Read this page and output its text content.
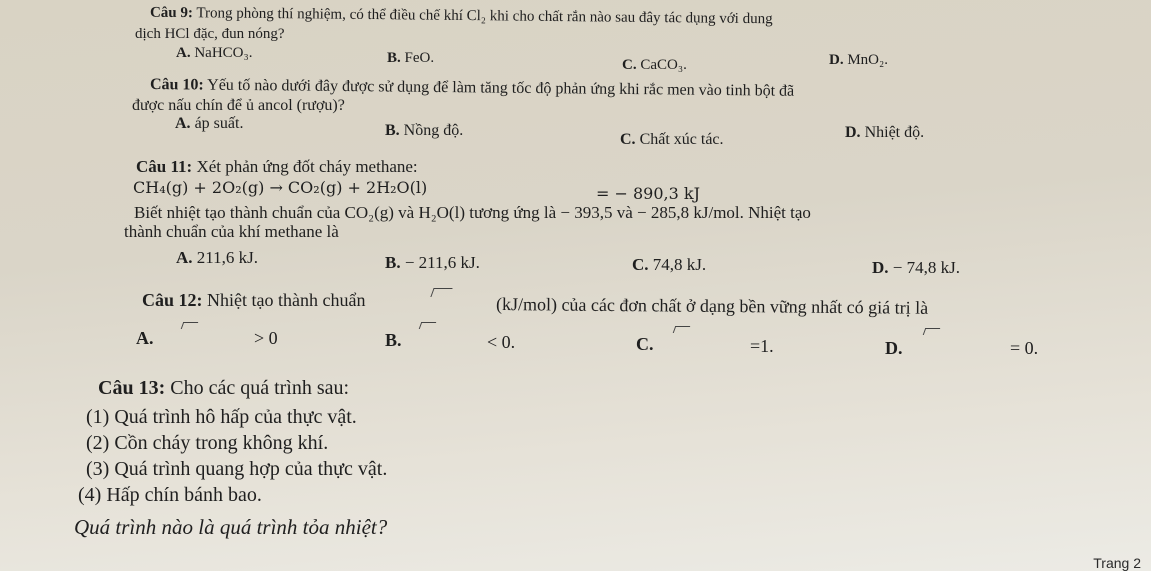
Câu 9: Trong phòng thí nghiệm, có thể điều chế khí Cl₂ khi cho chất rắn nào sau đây tác dụng với dung
dịch HCl đặc, đun nóng?
A. NaHCO₃.	B. FeO.	C. CaCO₃.	D. MnO₂.
Câu 10: Yếu tố nào dưới đây được sử dụng để làm tăng tốc độ phản ứng khi rắc men vào tinh bột đã
được nấu chín để ủ ancol (rượu)?
A. áp suất.	B. Nồng độ.
C. Chất xúc tác.	D. Nhiệt độ.
Câu 11: Xét phản ứng đốt cháy methane:
CH₄(g) + 2O₂(g) → CO₂(g) + 2H₂O(l)	= − 890,3 kJ
Biết nhiệt tạo thành chuẩn của CO₂(g) và H₂O(l) tương ứng là − 393,5 và − 285,8 kJ/mol. Nhiệt tạo
thành chuẩn của khí methane là
A. 211,6 kJ.	B. − 211,6 kJ.	C. 74,8 kJ.	D. − 74,8 kJ.
Câu 12: Nhiệt tạo thành chuẩn	(kJ/mol) của các đơn chất ở dạng bền vững nhất có giá trị là
A.	> 0	B.	< 0.	C.	=1.	D.	= 0.
Câu 13: Cho các quá trình sau:
(1) Quá trình hô hấp của thực vật.
(2) Cồn cháy trong không khí.
(3) Quá trình quang hợp của thực vật.
(4) Hấp chín bánh bao.
Quá trình nào là quá trình tỏa nhiệt?
Trang 2
